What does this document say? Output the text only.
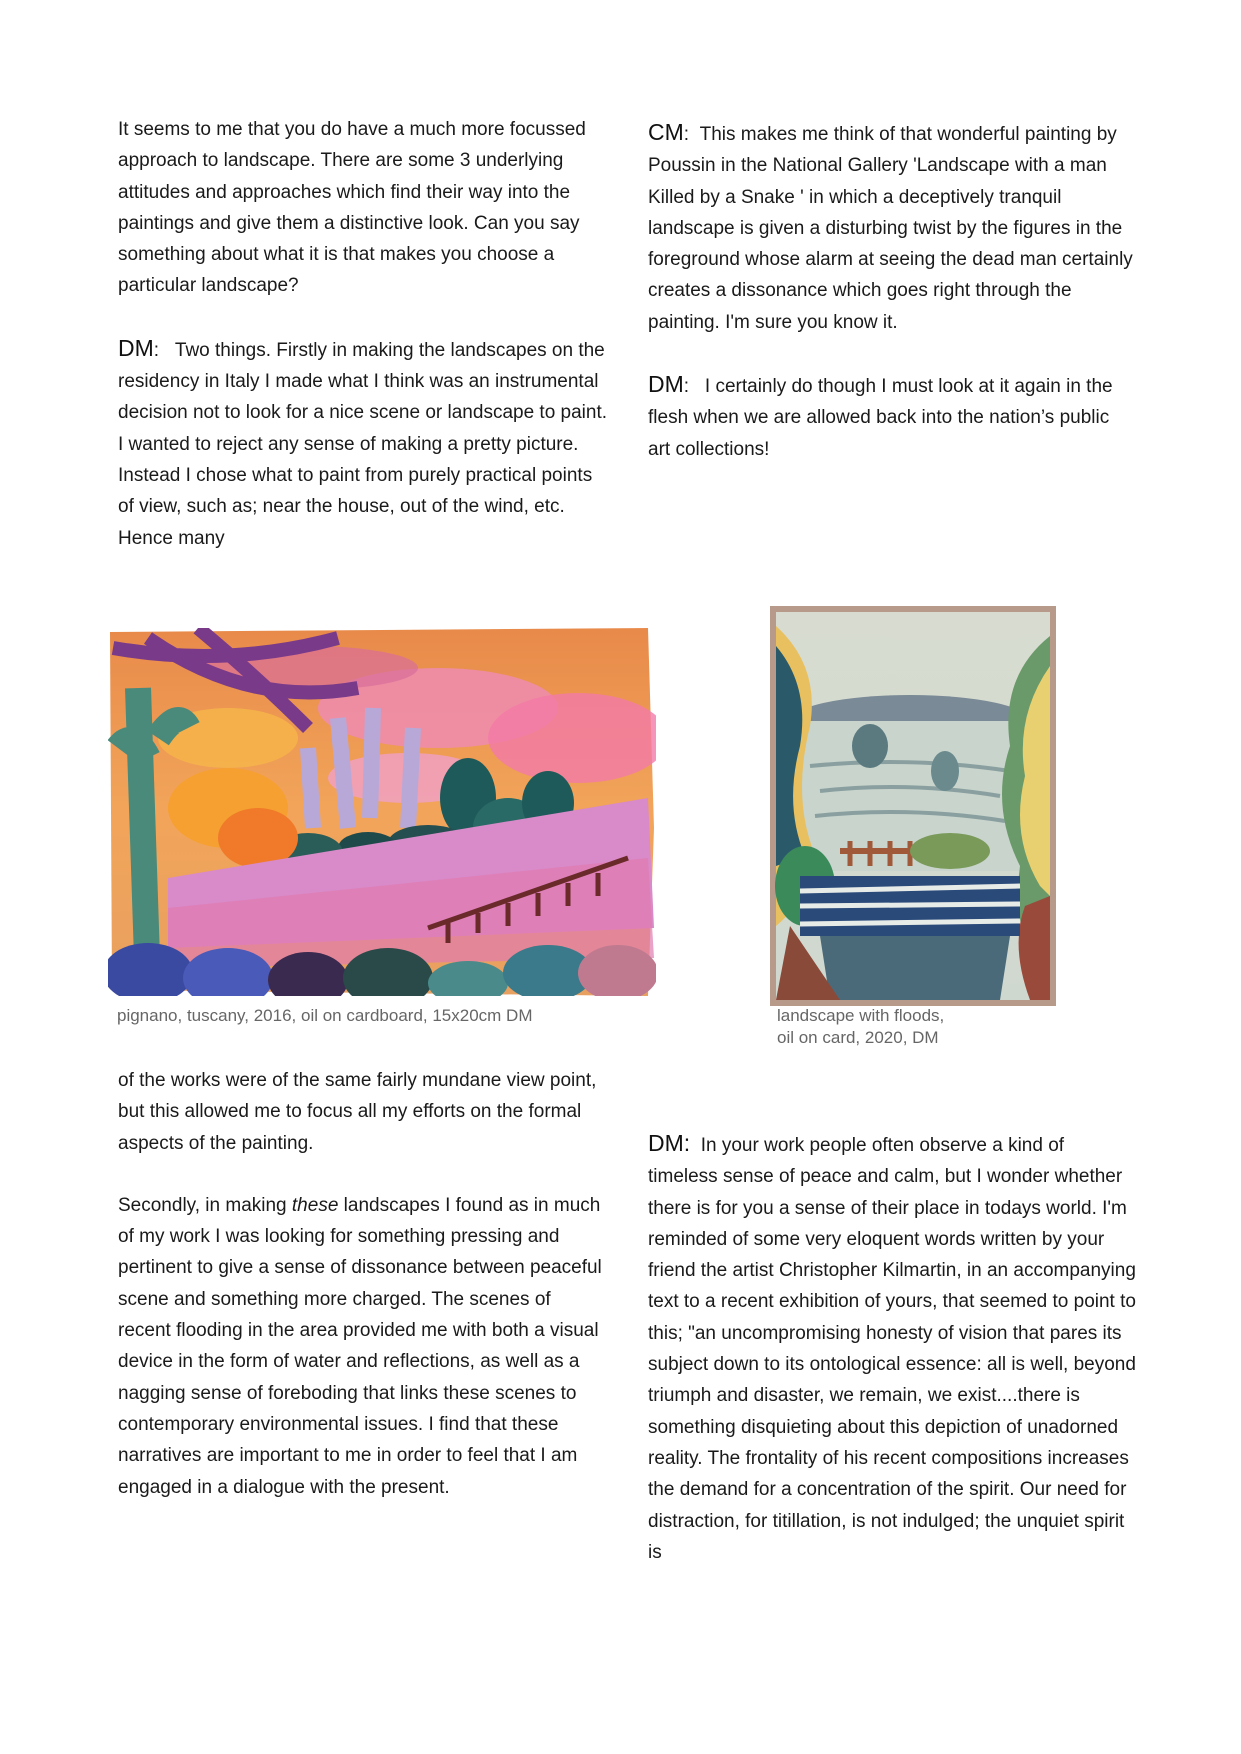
It seems to me that you do have a much more focussed approach to landscape. There are some 3 underlying attitudes and approaches which find their way into the paintings and give them a distinctive look. Can you say something about what it is that makes you choose a particular landscape?

DM:   Two things. Firstly in making the landscapes on the residency in Italy I made what I think was an instrumental decision not to look for a nice scene or landscape to paint. I wanted to reject any sense of making a pretty picture. Instead I chose what to paint from purely practical points of view, such as; near the house, out of the wind, etc. Hence many

CM:  This makes me think of that wonderful painting by Poussin in the National Gallery 'Landscape with a man Killed by a Snake ' in which a deceptively tranquil landscape is given a disturbing twist by the figures in the foreground whose alarm at seeing the dead man certainly creates a dissonance which goes right through the painting. I'm sure you know it.

DM:   I certainly do though I must look at it again in the flesh when we are allowed back into the nation’s public art collections!

pignano, tuscany, 2016, oil on cardboard, 15x20cm DM	landscape with floods,
oil on card, 2020, DM

of the works were of the same fairly mundane view point, but this allowed me to focus all my efforts on the formal aspects of the painting.

Secondly, in making these landscapes I found as in much of my work I was looking for something pressing and pertinent to give a sense of dissonance between peaceful scene and something more charged. The scenes of recent flooding in the area provided me with both a visual device in the form of water and reflections, as well as a nagging sense of foreboding that links these scenes to contemporary environmental issues. I find that these narratives are important to me in order to feel that I am engaged in a dialogue with the present.

DM: In your work people often observe a kind of timeless sense of peace and calm, but I wonder whether there is for you a sense of their place in todays world. I'm reminded of some very eloquent words written by your friend the artist Christopher Kilmartin, in an accompanying text to a recent exhibition of yours, that seemed to point to this; "an uncompromising honesty of vision that pares its subject down to its ontological essence: all is well, beyond triumph and disaster, we remain, we exist....there is something disquieting about this depiction of unadorned reality. The frontality of his recent compositions increases the demand for a concentration of the spirit. Our need for distraction, for titillation, is not indulged; the unquiet spirit is
